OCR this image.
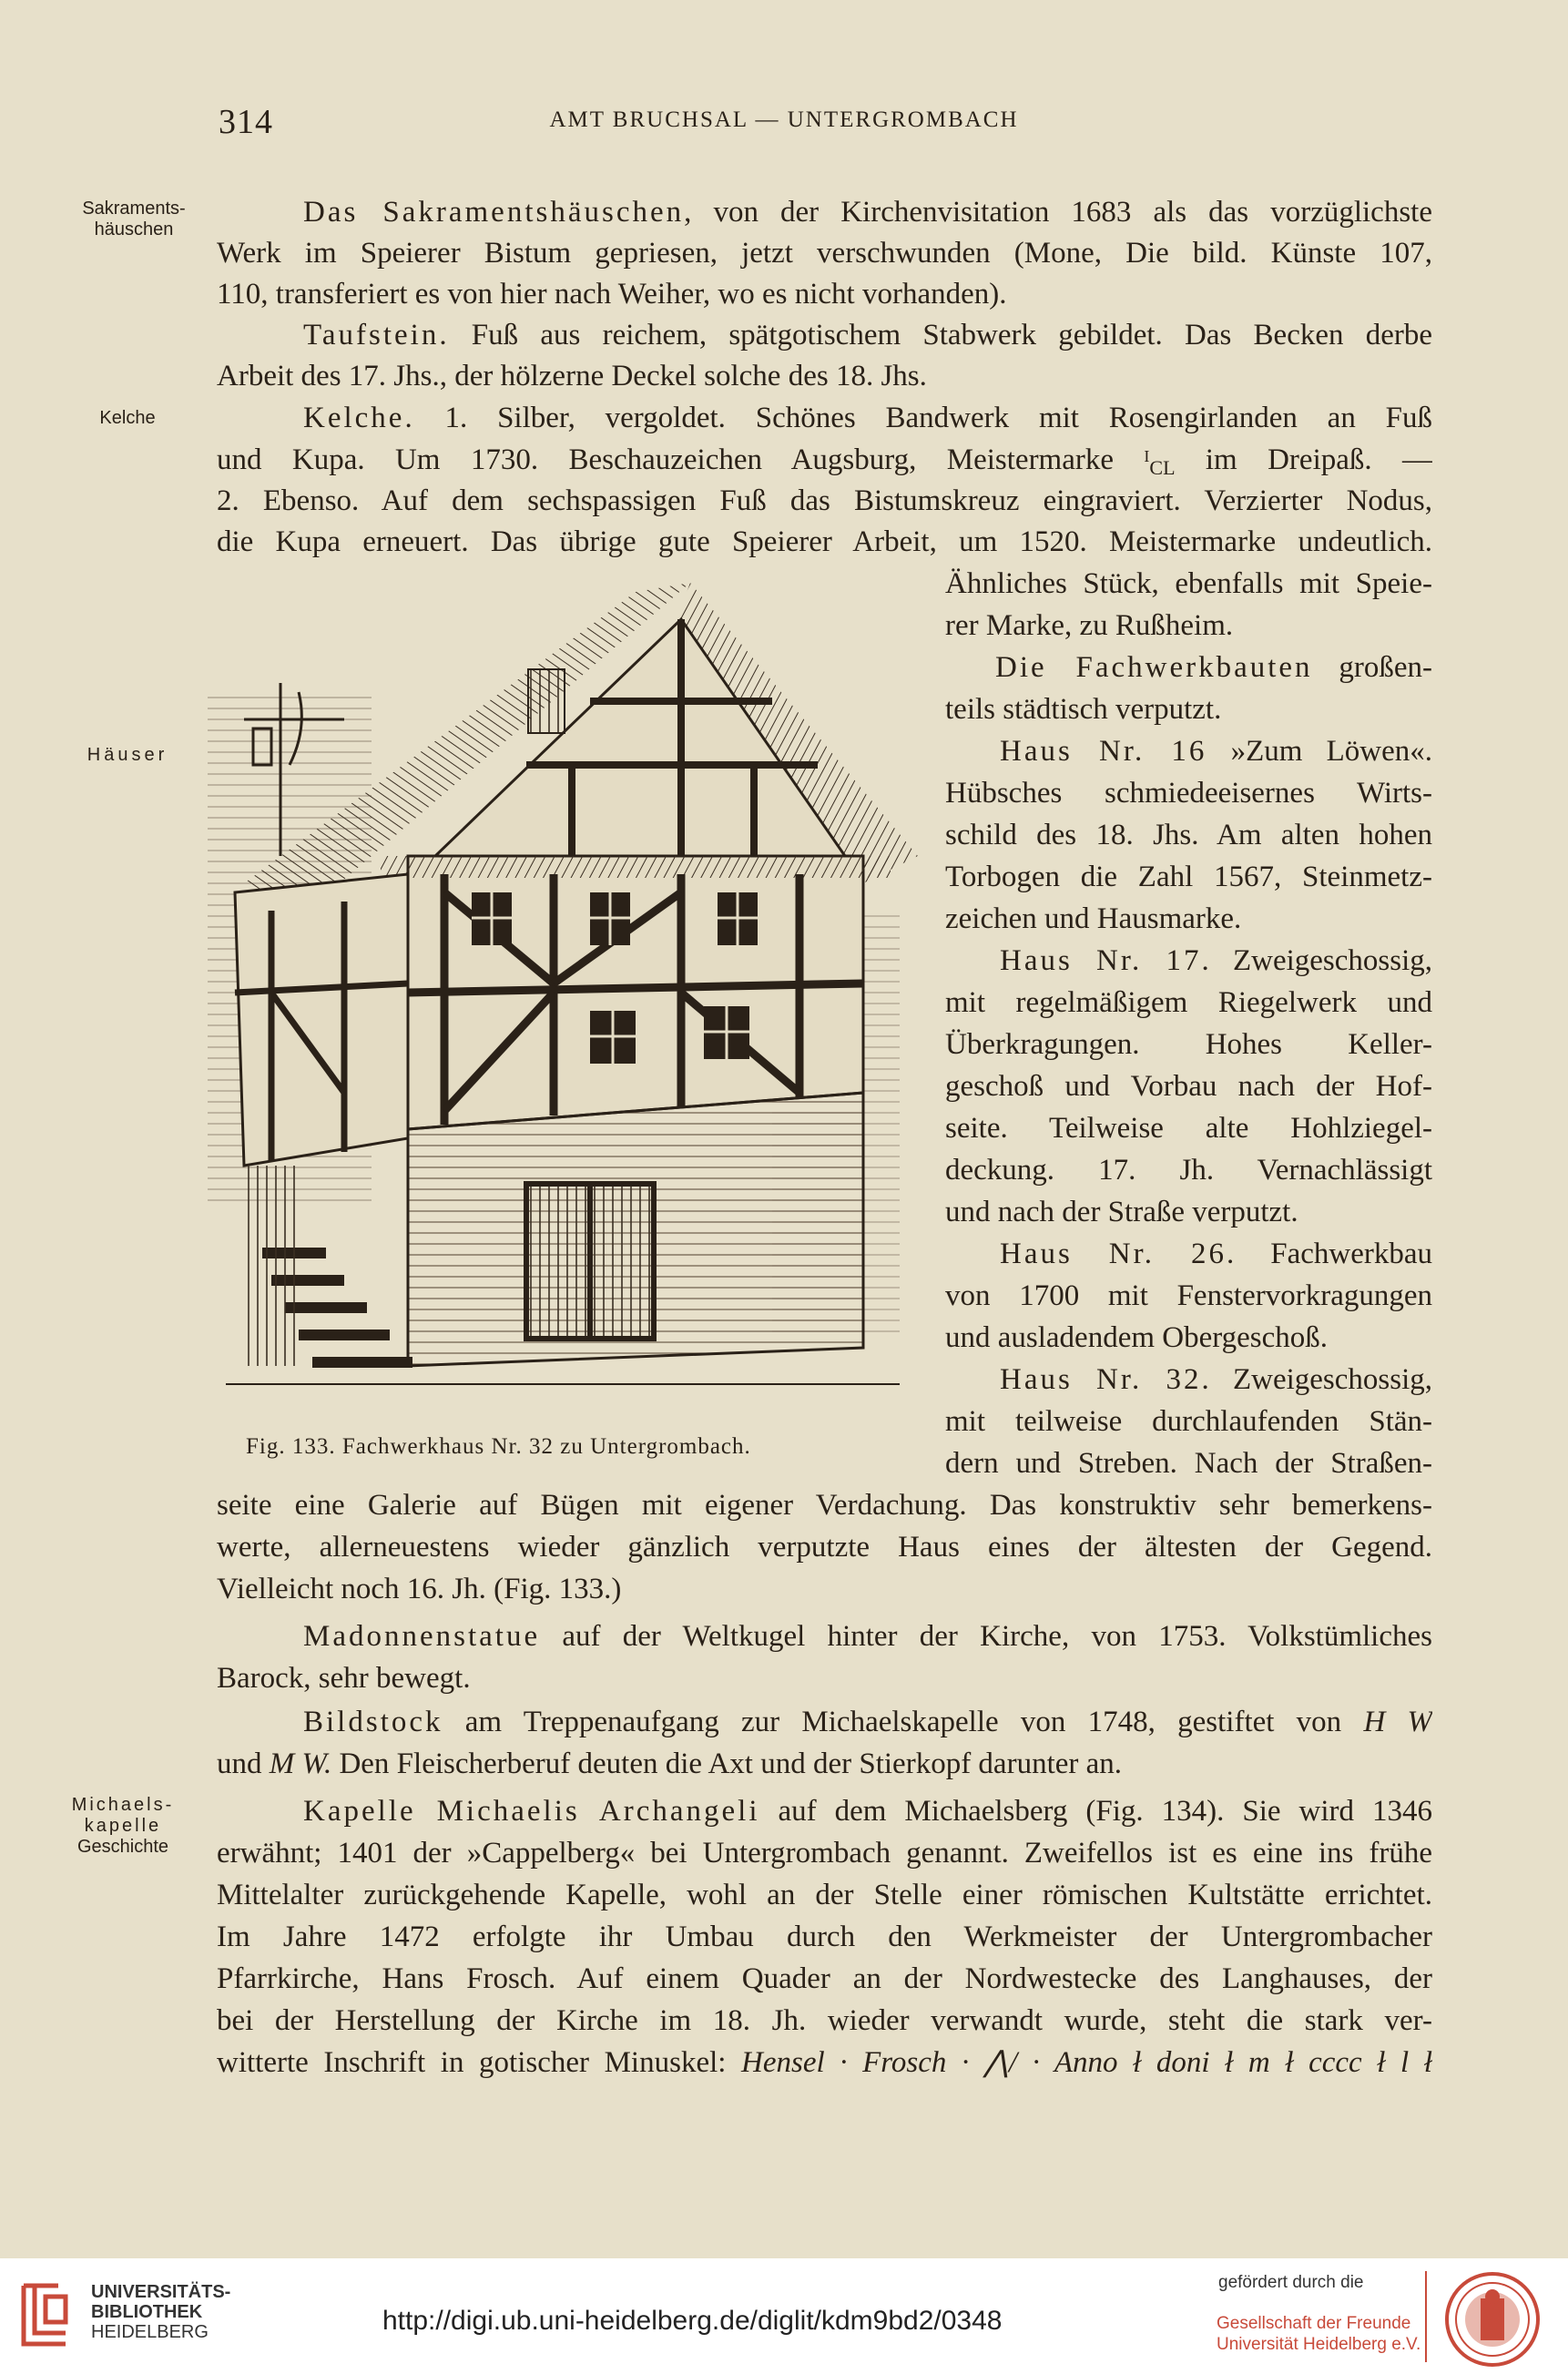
314	AMT BRUCHSAL — UNTERGROMBACH
Sakraments-
häuschen
Kelche
Häuser
Michaels-
kapelle
Geschichte
Das Sakramentshäuschen, von der Kirchenvisitation 1683 als das vorzüglichste
Werk im Speierer Bistum gepriesen, jetzt verschwunden (Mone, Die bild. Künste 107,
110, transferiert es von hier nach Weiher, wo es nicht vorhanden).
Taufstein. Fuß aus reichem, spätgotischem Stabwerk gebildet. Das Becken derbe
Arbeit des 17. Jhs., der hölzerne Deckel solche des 18. Jhs.
Kelche. 1. Silber, vergoldet. Schönes Bandwerk mit Rosengirlanden an Fuß
und Kupa. Um 1730. Beschauzeichen Augsburg, Meistermarke $^I$CL im Dreipaß. —
2. Ebenso. Auf dem sechspassigen Fuß das Bistumskreuz eingraviert. Verzierter Nodus,
die Kupa erneuert. Das übrige gute Speierer Arbeit, um 1520. Meistermarke undeutlich.
Ähnliches Stück, ebenfalls mit Speie-
rer Marke, zu Rußheim.
Die Fachwerkbauten großen-
teils städtisch verputzt.
Haus Nr. 16 »Zum Löwen«.
Hübsches schmiedeeisernes Wirts-
schild des 18. Jhs. Am alten hohen
Torbogen die Zahl 1567, Steinmetz-
zeichen und Hausmarke.
Haus Nr. 17. Zweigeschossig,
mit regelmäßigem Riegelwerk und
Überkragungen. Hohes Keller-
geschoß und Vorbau nach der Hof-
seite. Teilweise alte Hohlziegel-
deckung. 17. Jh. Vernachlässigt
und nach der Straße verputzt.
Haus Nr. 26. Fachwerkbau
von 1700 mit Fenstervorkragungen
und ausladendem Obergeschoß.
Haus Nr. 32. Zweigeschossig,
mit teilweise durchlaufenden Stän-
dern und Streben. Nach der Straßen-
Fig. 133. Fachwerkhaus Nr. 32 zu Untergrombach.
seite eine Galerie auf Bügen mit eigener Verdachung. Das konstruktiv sehr bemerkens-
werte, allerneuestens wieder gänzlich verputzte Haus eines der ältesten der Gegend.
Vielleicht noch 16. Jh. (Fig. 133.)
Madonnenstatue auf der Weltkugel hinter der Kirche, von 1753. Volkstümliches
Barock, sehr bewegt.
Bildstock am Treppenaufgang zur Michaelskapelle von 1748, gestiftet von H W
und M W. Den Fleischerberuf deuten die Axt und der Stierkopf darunter an.
Kapelle Michaelis Archangeli auf dem Michaelsberg (Fig. 134). Sie wird 1346
erwähnt; 1401 der »Cappelberg« bei Untergrombach genannt. Zweifellos ist es eine ins frühe
Mittelalter zurückgehende Kapelle, wohl an der Stelle einer römischen Kultstätte errichtet.
Im Jahre 1472 erfolgte ihr Umbau durch den Werkmeister der Untergrombacher
Pfarrkirche, Hans Frosch. Auf einem Quader an der Nordwestecke des Langhauses, der
bei der Herstellung der Kirche im 18. Jh. wieder verwandt wurde, steht die stark ver-
witterte Inschrift in gotischer Minuskel: Hensel · Frosch · ⋀/ · Anno ł doni ł m ł cccc ł l ł
UNIVERSITÄTS-
BIBLIOTHEK
HEIDELBERG	http://digi.ub.uni-heidelberg.de/diglit/kdm9bd2/0348
gefördert durch die
Gesellschaft der Freunde
Universität Heidelberg e.V.
